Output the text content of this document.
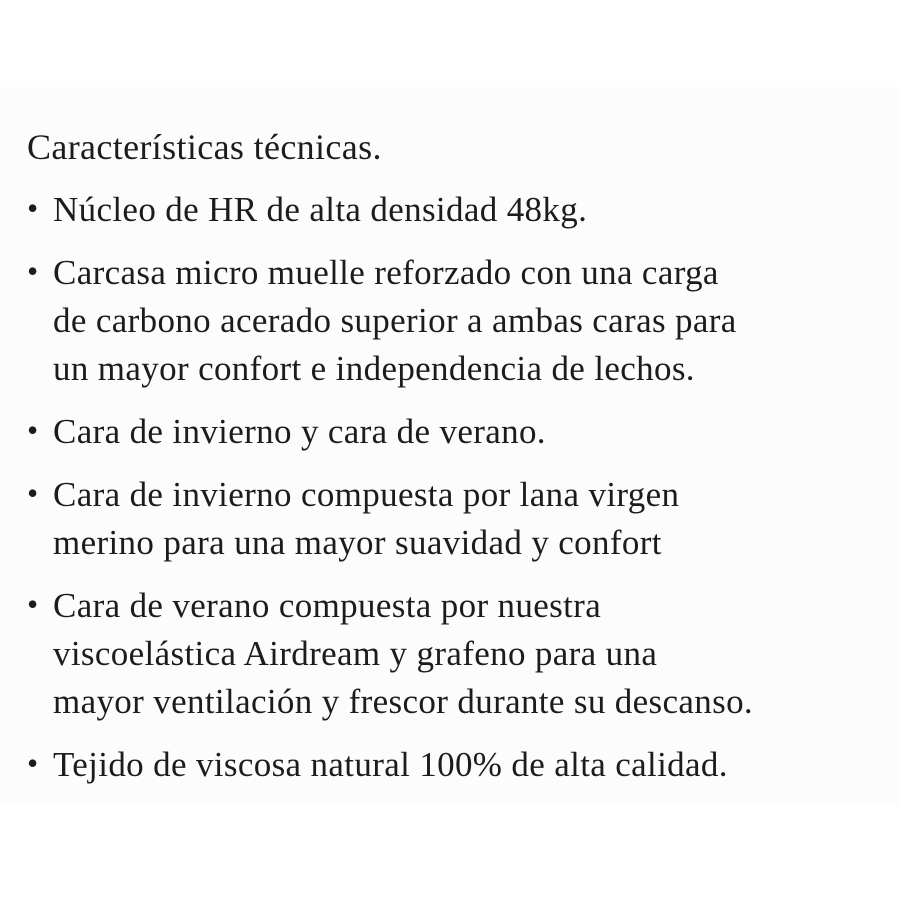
Características técnicas.
• Núcleo de HR de alta densidad 48kg.
• Carcasa micro muelle reforzado con una carga
de carbono acerado superior a ambas caras para
un mayor confort e independencia de lechos.
• Cara de invierno y cara de verano.
• Cara de invierno compuesta por lana virgen
merino para una mayor suavidad y confort
• Cara de verano compuesta por nuestra
viscoelástica Airdream y grafeno para una
mayor ventilación y frescor durante su descanso.
• Tejido de viscosa natural 100% de alta calidad.
